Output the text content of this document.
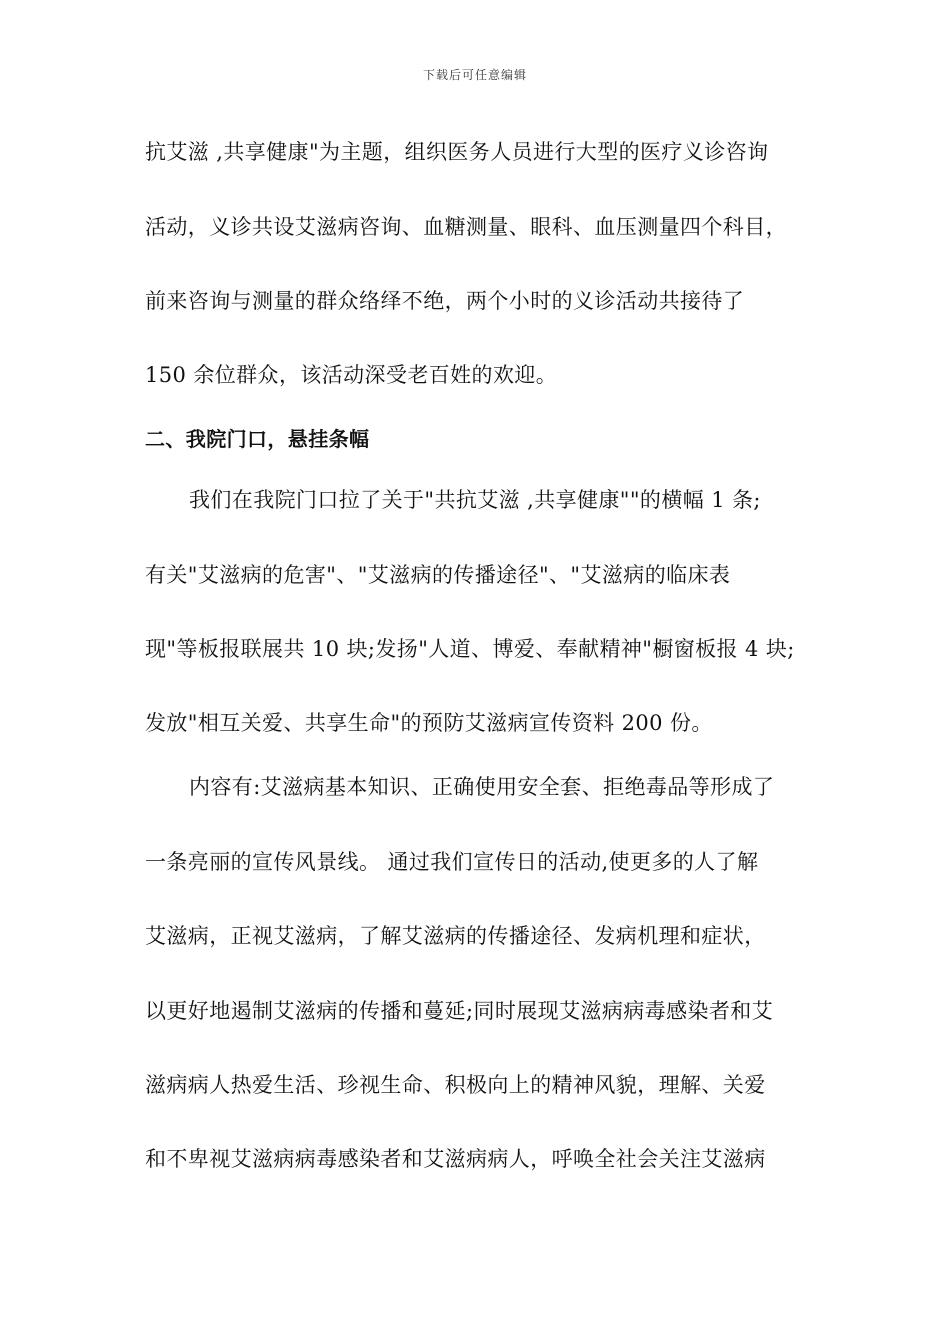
下载后可任意编辑
抗艾滋 ,共享健康"为主题，组织医务人员进行大型的医疗义诊咨询
活动，义诊共设艾滋病咨询、血糖测量、眼科、血压测量四个科目，
前来咨询与测量的群众络绎不绝，两个小时的义诊活动共接待了
150 余位群众，该活动深受老百姓的欢迎。
二、我院门口，悬挂条幅
我们在我院门口拉了关于"共抗艾滋 ,共享健康""的横幅 1 条;
有关"艾滋病的危害"、"艾滋病的传播途径"、"艾滋病的临床表
现"等板报联展共 10 块;发扬"人道、博爱、奉献精神"橱窗板报 4 块;
发放"相互关爱、共享生命"的预防艾滋病宣传资料 200 份。
内容有:艾滋病基本知识、正确使用安全套、拒绝毒品等形成了
一条亮丽的宣传风景线。 通过我们宣传日的活动,使更多的人了解
艾滋病，正视艾滋病，了解艾滋病的传播途径、发病机理和症状，
以更好地遏制艾滋病的传播和蔓延;同时展现艾滋病病毒感染者和艾
滋病病人热爱生活、珍视生命、积极向上的精神风貌，理解、关爱
和不卑视艾滋病病毒感染者和艾滋病病人，呼唤全社会关注艾滋病
